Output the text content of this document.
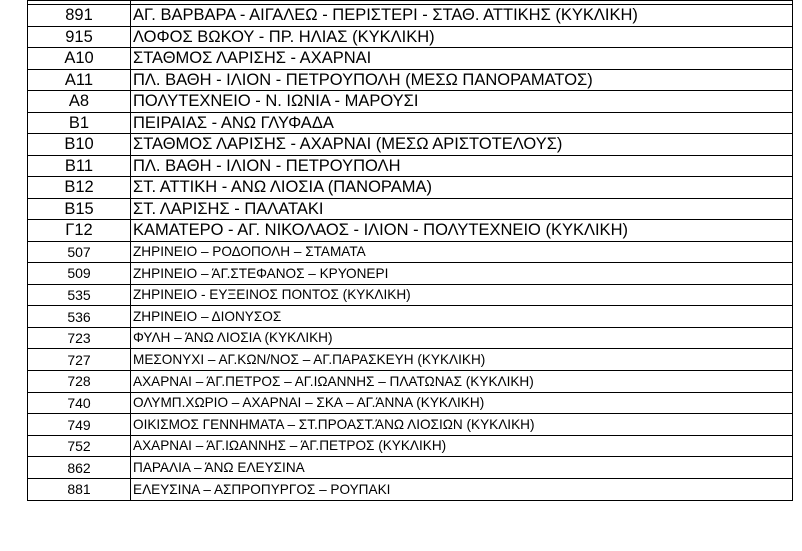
891	ΑΓ. ΒΑΡΒΑΡΑ - ΑΙΓΑΛΕΩ - ΠΕΡΙΣΤΕΡΙ - ΣΤΑΘ. ΑΤΤΙΚΗΣ (ΚΥΚΛΙΚΗ)
915	ΛΟΦΟΣ ΒΩΚΟΥ - ΠΡ. ΗΛΙΑΣ (ΚΥΚΛΙΚΗ)
Α10	ΣΤΑΘΜΟΣ ΛΑΡΙΣΗΣ - ΑΧΑΡΝΑΙ
Α11	ΠΛ. ΒΑΘΗ - ΙΛΙΟΝ - ΠΕΤΡΟΥΠΟΛΗ (ΜΕΣΩ ΠΑΝΟΡΑΜΑΤΟΣ)
Α8	ΠΟΛΥΤΕΧΝΕΙΟ - Ν. ΙΩΝΙΑ - ΜΑΡΟΥΣΙ
Β1	ΠΕΙΡΑΙΑΣ - ΑΝΩ ΓΛΥΦΑΔΑ
Β10	ΣΤΑΘΜΟΣ ΛΑΡΙΣΗΣ - ΑΧΑΡΝΑΙ (ΜΕΣΩ ΑΡΙΣΤΟΤΕΛΟΥΣ)
Β11	ΠΛ. ΒΑΘΗ - ΙΛΙΟΝ - ΠΕΤΡΟΥΠΟΛΗ
Β12	ΣΤ. ΑΤΤΙΚΗ - ΑΝΩ ΛΙΟΣΙΑ (ΠΑΝΟΡΑΜΑ)
Β15	ΣΤ. ΛΑΡΙΣΗΣ - ΠΑΛΑΤΑΚΙ
Γ12	ΚΑΜΑΤΕΡΟ - ΑΓ. ΝΙΚΟΛΑΟΣ - ΙΛΙΟΝ - ΠΟΛΥΤΕΧΝΕΙΟ (ΚΥΚΛΙΚΗ)
507	ΖΗΡΙΝΕΙΟ – ΡΟΔΟΠΟΛΗ – ΣΤΑΜΑΤΑ
509	ΖΗΡΙΝΕΙΟ – ΆΓ.ΣΤΕΦΑΝΟΣ – ΚΡΥΟΝΕΡΙ
535	ΖΗΡΙΝΕΙΟ - ΕΥΞΕΙΝΟΣ ΠΟΝΤΟΣ (ΚΥΚΛΙΚΗ)
536	ΖΗΡΙΝΕΙΟ – ΔΙΟΝΥΣΟΣ
723	ΦΥΛΗ – ΆΝΩ ΛΙΟΣΙΑ (ΚΥΚΛΙΚΗ)
727	ΜΕΣΟΝΥΧΙ – ΑΓ.ΚΩΝ/ΝΟΣ – ΑΓ.ΠΑΡΑΣΚΕΥΗ (ΚΥΚΛΙΚΗ)
728	ΑΧΑΡΝΑΙ – ΆΓ.ΠΕΤΡΟΣ – ΑΓ.ΙΩΑΝΝΗΣ – ΠΛΑΤΩΝΑΣ (ΚΥΚΛΙΚΗ)
740	ΟΛΥΜΠ.ΧΩΡΙΟ – ΑΧΑΡΝΑΙ – ΣΚΑ – ΑΓ.ΆΝΝΑ (ΚΥΚΛΙΚΗ)
749	ΟΙΚΙΣΜΟΣ ΓΕΝΝΗΜΑΤΑ – ΣΤ.ΠΡΟΑΣΤ.ΆΝΩ ΛΙΟΣΙΩΝ (ΚΥΚΛΙΚΗ)
752	ΑΧΑΡΝΑΙ – ΆΓ.ΙΩΑΝΝΗΣ – ΆΓ.ΠΕΤΡΟΣ (ΚΥΚΛΙΚΗ)
862	ΠΑΡΑΛΙΑ – ΆΝΩ ΕΛΕΥΣΙΝΑ
881	ΕΛΕΥΣΙΝΑ – ΑΣΠΡΟΠΥΡΓΟΣ – ΡΟΥΠΑΚΙ
